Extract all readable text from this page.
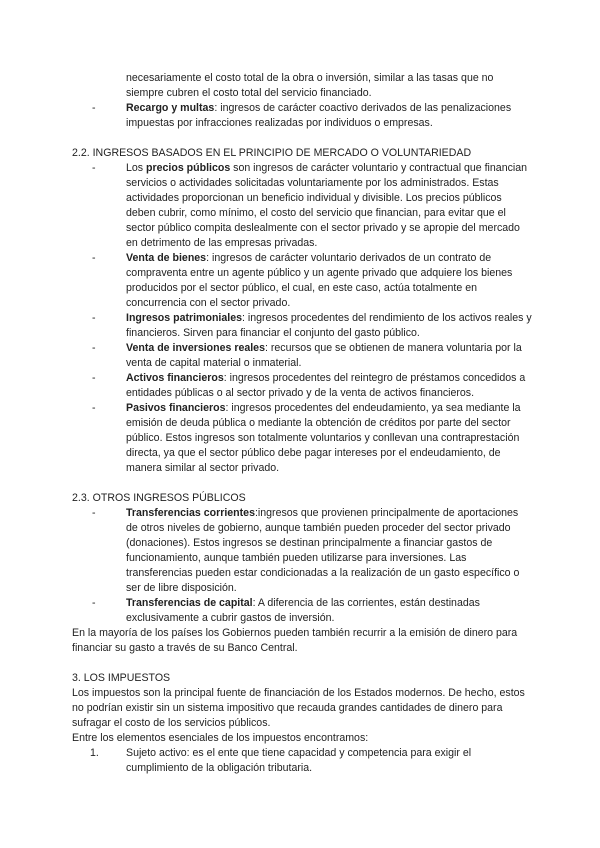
necesariamente el costo total de la obra o inversión, similar a las tasas que no siempre cubren el costo total del servicio financiado.
- Recargo y multas: ingresos de carácter coactivo derivados de las penalizaciones impuestas por infracciones realizadas por individuos o empresas.

2.2. INGRESOS BASADOS EN EL PRINCIPIO DE MERCADO O VOLUNTARIEDAD

- Los precios públicos son ingresos de carácter voluntario y contractual que financian servicios o actividades solicitadas voluntariamente por los administrados. Estas actividades proporcionan un beneficio individual y divisible. Los precios públicos deben cubrir, como mínimo, el costo del servicio que financian, para evitar que el sector público compita deslealmente con el sector privado y se apropie del mercado en detrimento de las empresas privadas.
- Venta de bienes: ingresos de carácter voluntario derivados de un contrato de compraventa entre un agente público y un agente privado que adquiere los bienes producidos por el sector público, el cual, en este caso, actúa totalmente en concurrencia con el sector privado.
- Ingresos patrimoniales: ingresos procedentes del rendimiento de los activos reales y financieros. Sirven para financiar el conjunto del gasto público.
- Venta de inversiones reales: recursos que se obtienen de manera voluntaria por la venta de capital material o inmaterial.
- Activos financieros: ingresos procedentes del reintegro de préstamos concedidos a entidades públicas o al sector privado y de la venta de activos financieros.
- Pasivos financieros: ingresos procedentes del endeudamiento, ya sea mediante la emisión de deuda pública o mediante la obtención de créditos por parte del sector público. Estos ingresos son totalmente voluntarios y conllevan una contraprestación directa, ya que el sector público debe pagar intereses por el endeudamiento, de manera similar al sector privado.

2.3. OTROS INGRESOS PÚBLICOS

- Transferencias corrientes:ingresos que provienen principalmente de aportaciones de otros niveles de gobierno, aunque también pueden proceder del sector privado (donaciones). Estos ingresos se destinan principalmente a financiar gastos de funcionamiento, aunque también pueden utilizarse para inversiones. Las transferencias pueden estar condicionadas a la realización de un gasto específico o ser de libre disposición.
- Transferencias de capital: A diferencia de las corrientes, están destinadas exclusivamente a cubrir gastos de inversión.

En la mayoría de los países los Gobiernos pueden también recurrir a la emisión de dinero para financiar su gasto a través de su Banco Central.

3. LOS IMPUESTOS

Los impuestos son la principal fuente de financiación de los Estados modernos. De hecho, estos no podrían existir sin un sistema impositivo que recauda grandes cantidades de dinero para sufragar el costo de los servicios públicos.

Entre los elementos esenciales de los impuestos encontramos:

1.	Sujeto activo: es el ente que tiene capacidad y competencia para exigir el cumplimiento de la obligación tributaria.
